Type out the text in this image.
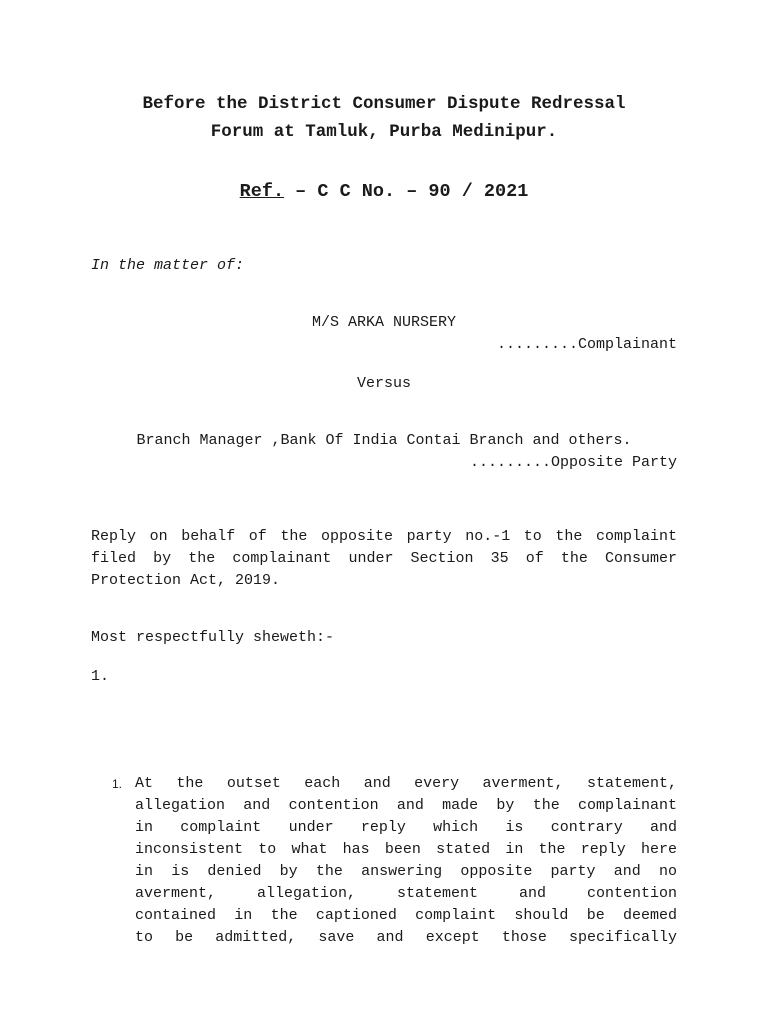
Before the District Consumer Dispute Redressal
Forum at Tamluk, Purba Medinipur.
Ref. – C C No. – 90 / 2021
In the matter of:
M/S ARKA NURSERY
.........Complainant
Versus
Branch Manager ,Bank Of India Contai Branch and others.
.........Opposite Party
Reply on behalf of the opposite party no.-1 to the complaint
filed by the complainant under Section 35 of the Consumer
Protection Act, 2019.
Most respectfully sheweth:-
1.
1. At the outset each and every averment, statement,
allegation and contention and made by the complainant
in complaint under reply which is contrary and
inconsistent to what has been stated in the reply here
in is denied by the answering opposite party and no
averment, allegation, statement and contention
contained in the captioned complaint should be deemed
to be admitted, save and except those specifically
